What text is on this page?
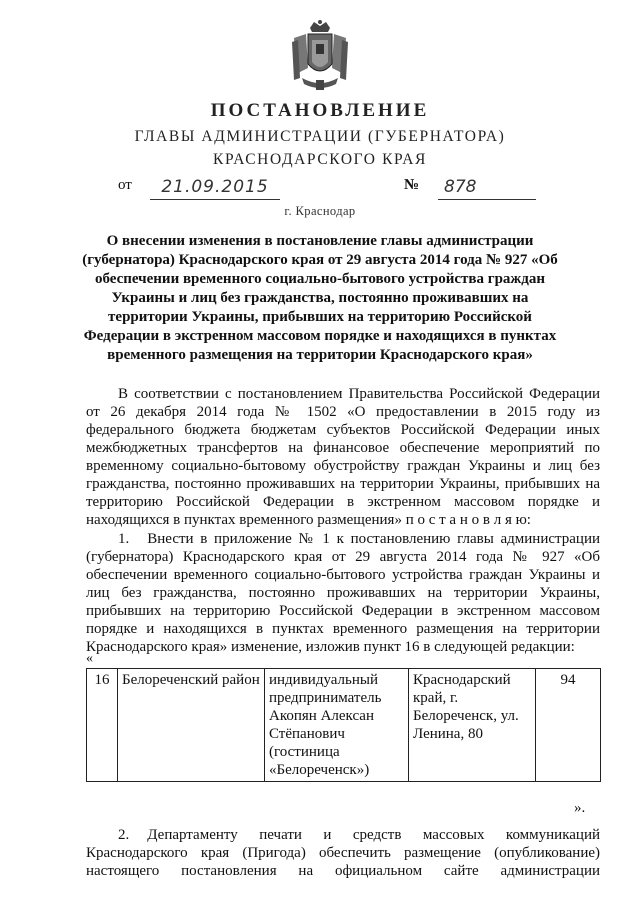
ПОСТАНОВЛЕНИЕ
ГЛАВЫ АДМИНИСТРАЦИИ (ГУБЕРНАТОРА)
КРАСНОДАРСКОГО КРАЯ
от	21.09.2015	№	878
г. Краснодар
О внесении изменения в постановление главы администрации (губернатора) Краснодарского края от 29 августа 2014 года № 927 «Об обеспечении временного социально-бытового устройства граждан Украины и лиц без гражданства, постоянно проживавших на территории Украины, прибывших на территорию Российской Федерации в экстренном массовом порядке и находящихся в пунктах временного размещения на территории Краснодарского края»
В соответствии с постановлением Правительства Российской Федерации от 26 декабря 2014 года № 1502 «О предоставлении в 2015 году из федерального бюджета бюджетам субъектов Российской Федерации иных межбюджетных трансфертов на финансовое обеспечение мероприятий по временному социально-бытовому обустройству граждан Украины и лиц без гражданства, постоянно проживавших на территории Украины, прибывших на территорию Российской Федерации в экстренном массовом порядке и находящихся в пунктах временного размещения» п о с т а н о в л я ю:
1. Внести в приложение № 1 к постановлению главы администрации (губернатора) Краснодарского края от 29 августа 2014 года № 927 «Об обеспечении временного социально-бытового устройства граждан Украины и лиц без гражданства, постоянно проживавших на территории Украины, прибывших на территорию Российской Федерации в экстренном массовом порядке и находящихся в пунктах временного размещения на территории Краснодарского края» изменение, изложив пункт 16 в следующей редакции:
«
16	Белореченский район	индивидуальный предприниматель Акопян Алексан Стёпанович (гостиница «Белореченск»)	Краснодарский край, г. Белореченск, ул. Ленина, 80	94
».
2. Департаменту печати и средств массовых коммуникаций Краснодарского края (Пригода) обеспечить размещение (опубликование) настоящего постановления на официальном сайте администрации
